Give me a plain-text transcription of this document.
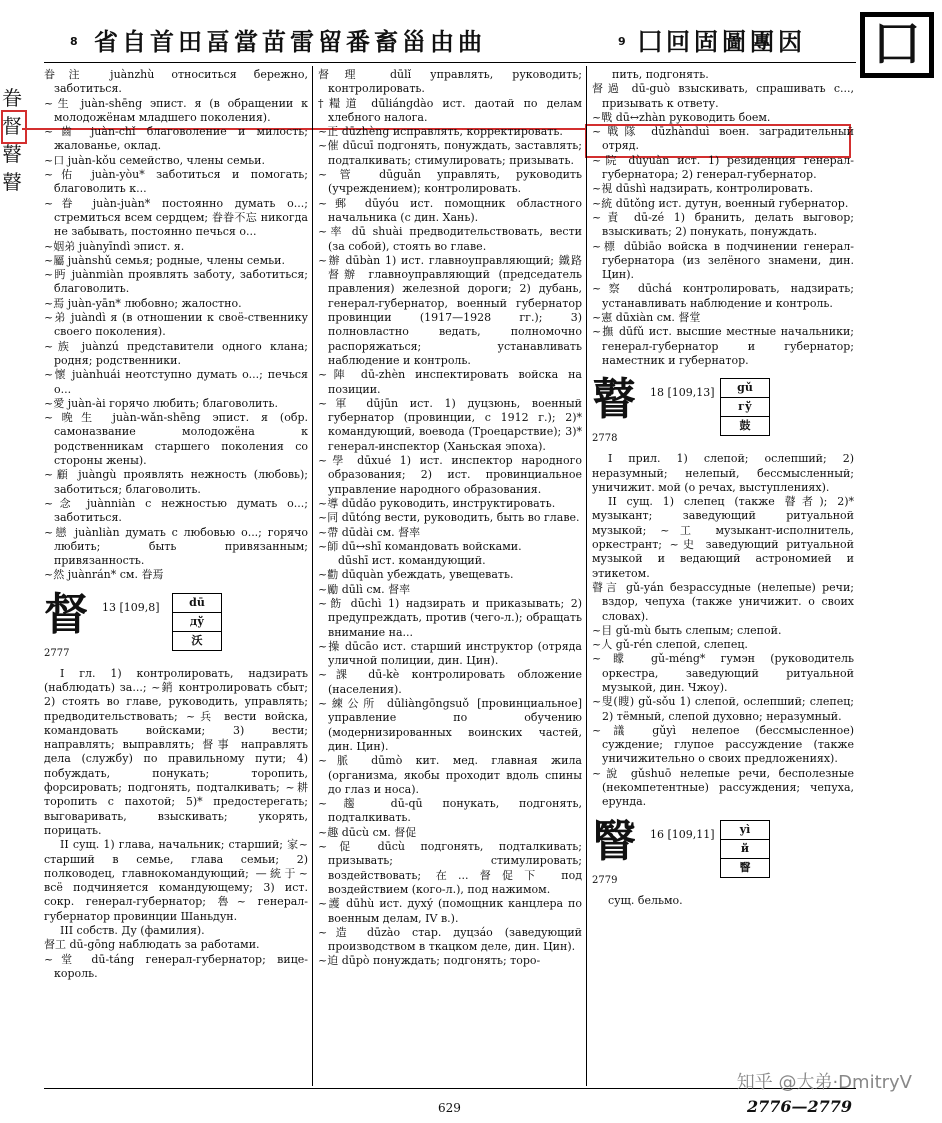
8 省自首田畐當苗雷留番畜甾由曲	9 囗回固圖團因	囗
眷
督
瞽
瞽

眷注 juànzhù относиться бережно, заботиться.

~生 juàn-shēng эпист. я (в обращении к молодожёнам младшего поколения).

~齒 juàn-chǐ благоволение и милость; жалованье, оклад.

~口 juàn-kǒu семейство, члены семьи.

~佑 juàn-yòu* заботиться и помогать; благоволить к...

~眷 juàn-juàn* постоянно думать о...; стремиться всем сердцем; 眷眷不忘 никогда не забывать, постоянно печься о...

~姻弟 juànyīndì эпист. я.

~屬 juànshǔ семья; родные, члены семьи.

~眄 juànmiàn проявлять заботу, заботиться; благоволить.

~焉 juàn-yān* любовно; жалостно.

~弟 juàndì я (в отношении к своё-ственнику своего поколения).

~族 juànzú представители одного клана; родня; родственники.

~懷 juànhuái неотступно думать о...; печься о...

~愛 juàn-ài горячо любить; благоволить.

~晚生 juàn-wǎn-shēng эпист. я (обр. самоназвание молодожёна к родственникам старшего поколения со стороны жены).

~顧 juàngù проявлять нежность (любовь); заботиться; благоволить.

~念 juànniàn с нежностью думать о...; заботиться.

~戀 juànliàn думать с любовью о...; горячо любить; быть привязанным; привязанность.

~然 juànrán* см. 眷焉

督 13 [109,8]
2777
dū
дў
沃

I гл. 1) контролировать, надзирать (наблюдать) за...; ~銷 контролировать сбыт; 2) стоять во главе, руководить, управлять; предводительствовать; ~兵 вести войска, командовать войсками; 3) вести; направлять; выправлять; 督事 направлять дела (службу) по правильному пути; 4) побуждать, понукать; торопить, форсировать; подгонять, подталкивать; ~耕 торопить с пахотой; 5)* предостерегать; выговаривать, взыскивать; укорять, порицать.

II сущ. 1) глава, начальник; старший; 家~ старший в семье, глава семьи; 2) полководец, главнокомандующий; —統于~ всё подчиняется командующему; 3) ист. сокр. генерал-губернатор; 魯~ генерал-губернатор провинции Шаньдун.

III собств. Ду (фамилия).

督工 dū-gōng наблюдать за работами.

~堂 dū-táng генерал-губернатор; вице-король.

督理 dūlǐ управлять, руководить; контролировать.

†糧道 dūliángdào ист. даотай по делам хлебного налога.

~正 dūzhèng исправлять, корректировать.

~催 dūcuī подгонять, понуждать, заставлять; подталкивать; стимулировать; призывать.

~管 dūguǎn управлять, руководить (учреждением); контролировать.

~郵 dūyóu ист. помощник областного начальника (с дин. Хань).

~率 dū shuài предводительствовать, вести (за собой), стоять во главе.

~辦 dūbàn 1) ист. главноуправляющий; 鐵路督辦 главноуправляющий (председатель правления) железной дороги; 2) дубань, генерал-губернатор, военный губернатор провинции (1917—1928 гг.); 3) полновластно ведать, полномочно распоряжаться; устанавливать наблюдение и контроль.

~陣 dū-zhèn инспектировать войска на позиции.

~軍 dūjūn ист. 1) дуцзюнь, военный губернатор (провинции, с 1912 г.); 2)* командующий, воевода (Троецарствие); 3)* генерал-инспектор (Ханьская эпоха).

~學 dūxué 1) ист. инспектор народного образования; 2) ист. провинциальное управление народного образования.

~導 dūdǎo руководить, инструктировать.

~同 dūtóng вести, руководить, быть во главе.

~帶 dūdài см. 督率

~師 dū↔shī командовать войсками.

dūshī ист. командующий.

~勸 dūquàn убеждать, увещевать.

~勵 dūlì см. 督率

~飭 dūchì 1) надзирать и приказывать; 2) предупреждать, против (чего-л.); обращать внимание на...

~操 dūcāo ист. старший инструктор (отряда уличной полиции, дин. Цин).

~課 dū-kè контролировать обложение (населения).

~練公所 dūliàngōngsuǒ [провинциальное] управление по обучению (модернизированных воинских частей, дин. Цин).

~脈 dūmò кит. мед. главная жила (организма, якобы проходит вдоль спины до глаз и носа).

~趨 dū-qū понукать, подгонять, подталкивать.

~趣 dūcù см. 督促

~促 dūcù подгонять, подталкивать; призывать; стимулировать; воздействовать; 在...督促下 под воздействием (кого-л.), под нажимом.

~護 dūhù ист. духý (помощник канцлера по военным делам, IV в.).

~造 dūzào стар. дуцзáо (заведующий производством в ткацком деле, дин. Цин).

~迫 dūpò понуждать; подгонять; торо-

пить, подгонять.

督過 dū-guò взыскивать, спрашивать с..., призывать к ответу.

~戰 dū↔zhàn руководить боем.

~戰隊 dūzhànduì воен. заградительный отряд.

~院 dùyuàn ист. 1) резиденция генерал-губернатора; 2) генерал-губернатор.

~視 dūshì надзирать, контролировать.

~統 dūtǒng ист. дутун, военный губернатор.

~責 dū-zé 1) бранить, делать выговор; взыскивать; 2) понукать, понуждать.

~標 dūbiāo войска в подчинении генерал-губернатора (из зелёного знамени, дин. Цин).

~察 dūchá контролировать, надзирать; устанавливать наблюдение и контроль.

~憲 dūxiàn см. 督堂

~撫 dūfǔ ист. высшие местные начальники; генерал-губернатор и губернатор; наместник и губернатор.

瞽 18 [109,13]
2778
gǔ
гў
鼓

I прил. 1) слепой; ослепший; 2) неразумный; нелепый, бессмысленный; уничижит. мой (о речах, выступлениях).

II сущ. 1) слепец (также 瞽者); 2)* музыкант; заведующий ритуальной музыкой; ~工 музыкант-исполнитель, оркестрант; ~史 заведующий ритуальной музыкой и ведающий астрономией и этикетом.

瞽言 gǔ-yán безрассудные (нелепые) речи; вздор, чепуха (также уничижит. о своих словах).

~目 gǔ-mù быть слепым; слепой.

~人 gǔ-rén слепой, слепец.

~矇 gǔ-méng* гумэн (руководитель оркестра, заведующий ритуальной музыкой, дин. Чжоу).

~叟(瞍) gǔ-sǒu 1) слепой, ослепший; слепец; 2) тёмный, слепой духовно; неразумный.

~議 gǔyì нелепое (бессмысленное) суждение; глупое рассуждение (также уничижительно о своих предложениях).

~說 gǔshuō нелепые речи, бесполезные (некомпетентные) рассуждения; чепуха, ерунда.

瞖 16 [109,11]
2779
yì
й
瞖

сущ. бельмо.

629
知乎 @大弟·DmitryV
2776—2779
